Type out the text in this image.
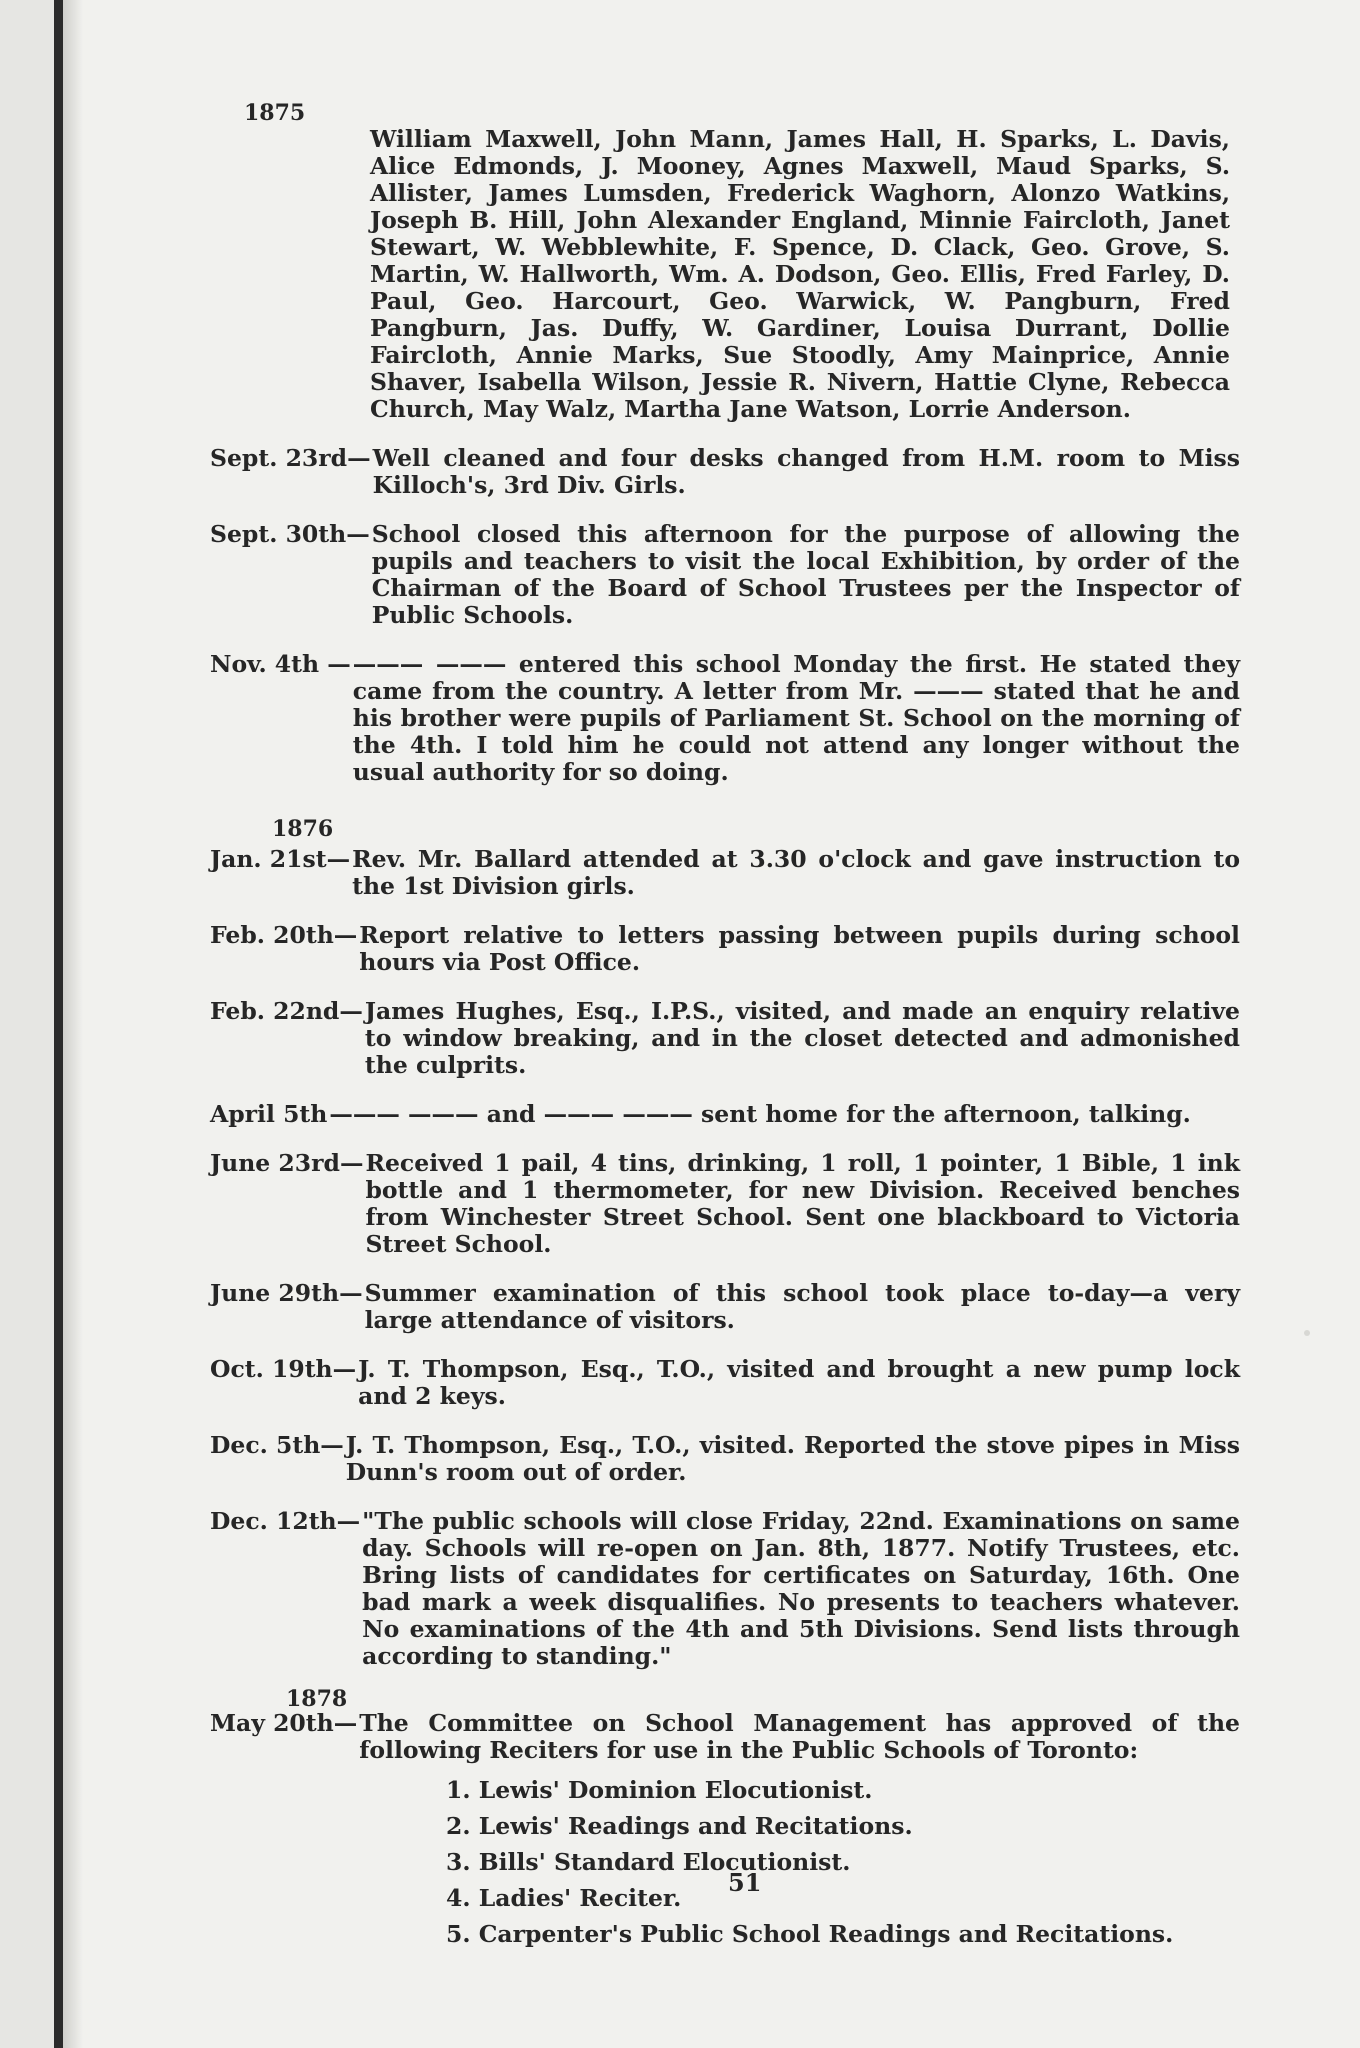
1875
William Maxwell, John Mann, James Hall, H. Sparks, L. Davis, Alice Edmonds, J. Mooney, Agnes Maxwell, Maud Sparks, S. Allister, James Lumsden, Frederick Waghorn, Alonzo Watkins, Joseph B. Hill, John Alexander England, Minnie Faircloth, Janet Stewart, W. Webblewhite, F. Spence, D. Clack, Geo. Grove, S. Martin, W. Hallworth, Wm. A. Dodson, Geo. Ellis, Fred Farley, D. Paul, Geo. Harcourt, Geo. Warwick, W. Pangburn, Fred Pangburn, Jas. Duffy, W. Gardiner, Louisa Durrant, Dollie Faircloth, Annie Marks, Sue Stoodly, Amy Mainprice, Annie Shaver, Isabella Wilson, Jessie R. Nivern, Hattie Clyne, Rebecca Church, May Walz, Martha Jane Watson, Lorrie Anderson.
Sept. 23rd— Well cleaned and four desks changed from H.M. room to Miss Killoch's, 3rd Div. Girls.
Sept. 30th— School closed this afternoon for the purpose of allowing the pupils and teachers to visit the local Exhibition, by order of the Chairman of the Board of School Trustees per the Inspector of Public Schools.
Nov. 4th — ——— ——— entered this school Monday the first. He stated they came from the country. A letter from Mr. ——— stated that he and his brother were pupils of Parliament St. School on the morning of the 4th. I told him he could not attend any longer without the usual authority for so doing.
1876
Jan. 21st— Rev. Mr. Ballard attended at 3.30 o'clock and gave instruction to the 1st Division girls.
Feb. 20th— Report relative to letters passing between pupils during school hours via Post Office.
Feb. 22nd— James Hughes, Esq., I.P.S., visited, and made an enquiry relative to window breaking, and in the closet detected and admonished the culprits.
April 5th ——— ——— and ——— ——— sent home for the afternoon, talking.
June 23rd— Received 1 pail, 4 tins, drinking, 1 roll, 1 pointer, 1 Bible, 1 ink bottle and 1 thermometer, for new Division. Received benches from Winchester Street School. Sent one blackboard to Victoria Street School.
June 29th— Summer examination of this school took place to-day—a very large attendance of visitors.
Oct. 19th— J. T. Thompson, Esq., T.O., visited and brought a new pump lock and 2 keys.
Dec. 5th— J. T. Thompson, Esq., T.O., visited. Reported the stove pipes in Miss Dunn's room out of order.
Dec. 12th— "The public schools will close Friday, 22nd. Examinations on same day. Schools will re-open on Jan. 8th, 1877. Notify Trustees, etc. Bring lists of candidates for certificates on Saturday, 16th. One bad mark a week disqualifies. No presents to teachers whatever. No examinations of the 4th and 5th Divisions. Send lists through according to standing."
1878
May 20th— The Committee on School Management has approved of the following Reciters for use in the Public Schools of Toronto:
1. Lewis' Dominion Elocutionist.
2. Lewis' Readings and Recitations.
3. Bills' Standard Elocutionist.
4. Ladies' Reciter.
5. Carpenter's Public School Readings and Recitations.
51
